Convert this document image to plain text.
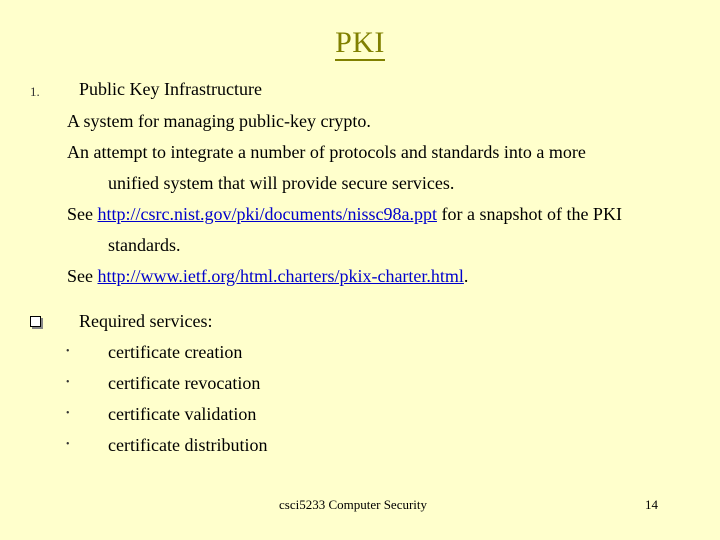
PKI
1. Public Key Infrastructure
A system for managing public-key crypto.
An attempt to integrate a number of protocols and standards into a more
unified system that will provide secure services.
See http://csrc.nist.gov/pki/documents/nissc98a.ppt for a snapshot of the PKI
standards.
See http://www.ietf.org/html.charters/pkix-charter.html.
Required services:
• certificate creation
• certificate revocation
• certificate validation
• certificate distribution
csci5233 Computer Security	14
